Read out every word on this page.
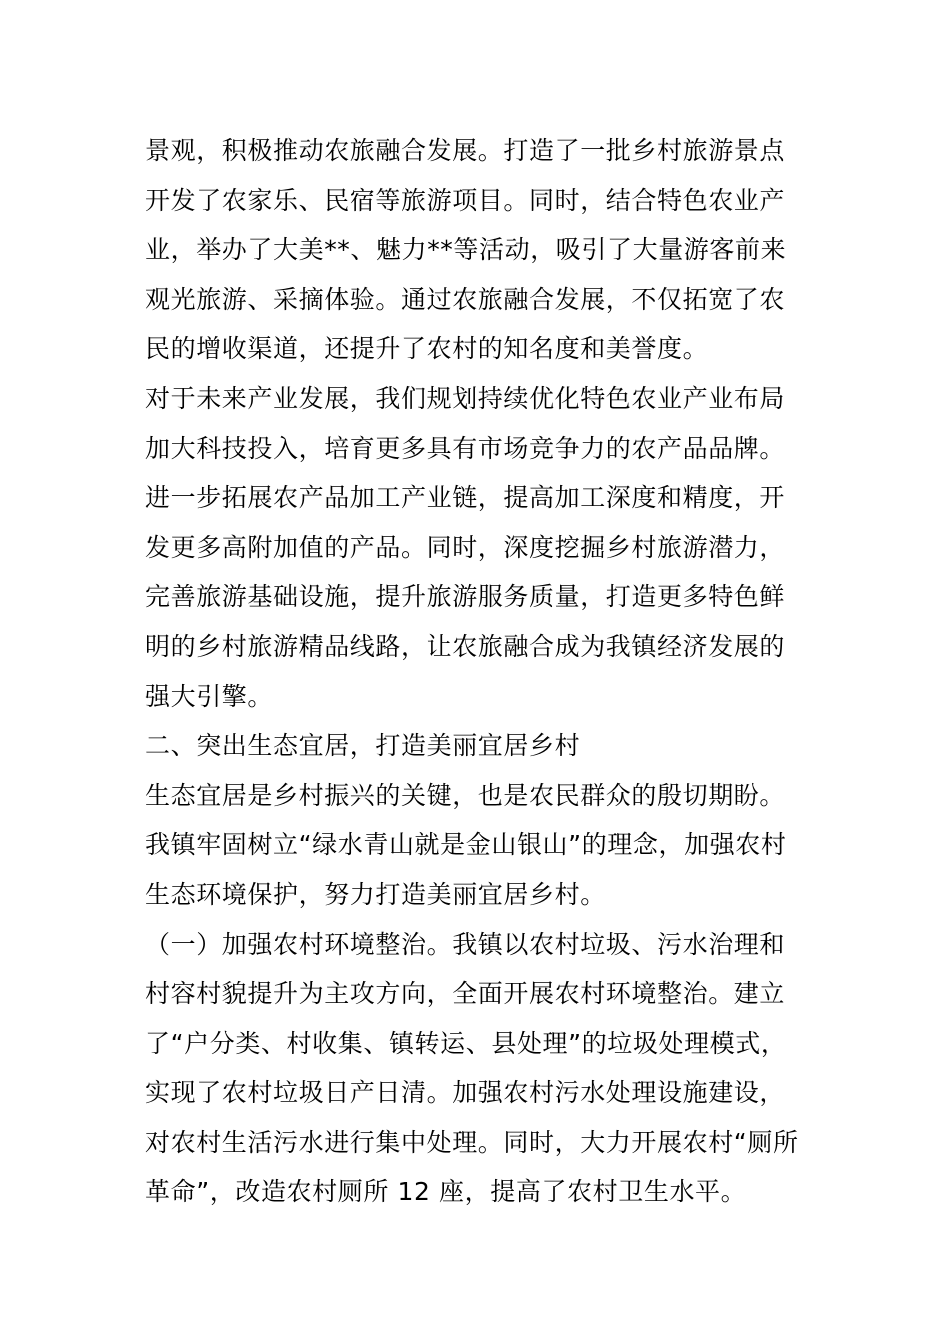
景观，积极推动农旅融合发展。打造了一批乡村旅游景点
开发了农家乐、民宿等旅游项目。同时，结合特色农业产
业，举办了大美**、魅力**等活动，吸引了大量游客前来
观光旅游、采摘体验。通过农旅融合发展，不仅拓宽了农
民的增收渠道，还提升了农村的知名度和美誉度。
对于未来产业发展，我们规划持续优化特色农业产业布局
加大科技投入，培育更多具有市场竞争力的农产品品牌。
进一步拓展农产品加工产业链，提高加工深度和精度，开
发更多高附加值的产品。同时，深度挖掘乡村旅游潜力，
完善旅游基础设施，提升旅游服务质量，打造更多特色鲜
明的乡村旅游精品线路，让农旅融合成为我镇经济发展的
强大引擎。
二、突出生态宜居，打造美丽宜居乡村
生态宜居是乡村振兴的关键，也是农民群众的殷切期盼。
我镇牢固树立“绿水青山就是金山银山”的理念，加强农村
生态环境保护，努力打造美丽宜居乡村。
（一）加强农村环境整治。我镇以农村垃圾、污水治理和
村容村貌提升为主攻方向，全面开展农村环境整治。建立
了“户分类、村收集、镇转运、县处理”的垃圾处理模式，
实现了农村垃圾日产日清。加强农村污水处理设施建设，
对农村生活污水进行集中处理。同时，大力开展农村“厕所
革命”，改造农村厕所 12 座，提高了农村卫生水平。
